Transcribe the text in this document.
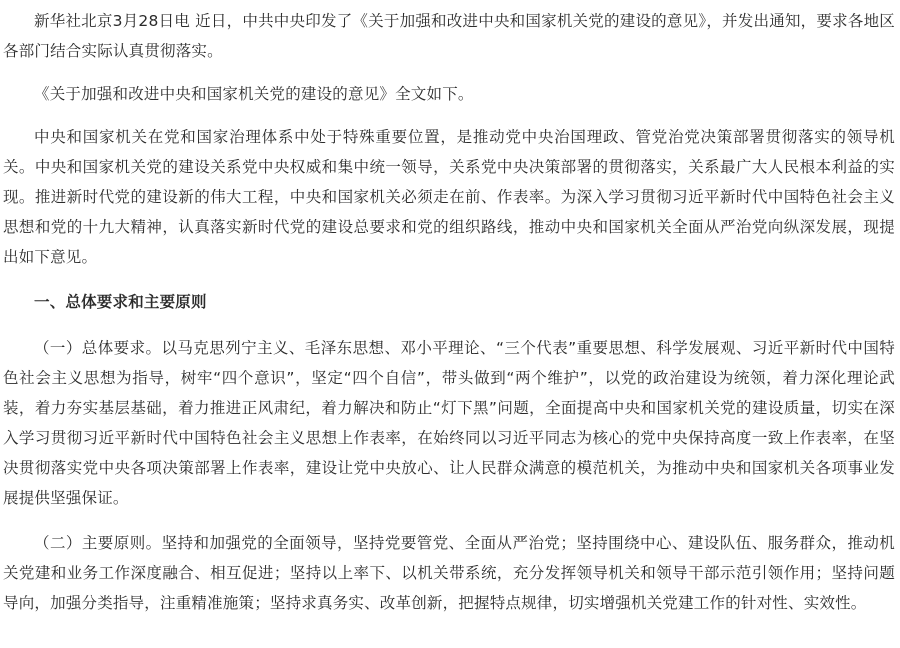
新华社北京3月28日电 近日，中共中央印发了《关于加强和改进中央和国家机关党的建设的意见》，并发出通知，要求各地区各部门结合实际认真贯彻落实。

《关于加强和改进中央和国家机关党的建设的意见》全文如下。

中央和国家机关在党和国家治理体系中处于特殊重要位置，是推动党中央治国理政、管党治党决策部署贯彻落实的领导机关。中央和国家机关党的建设关系党中央权威和集中统一领导，关系党中央决策部署的贯彻落实，关系最广大人民根本利益的实现。推进新时代党的建设新的伟大工程，中央和国家机关必须走在前、作表率。为深入学习贯彻习近平新时代中国特色社会主义思想和党的十九大精神，认真落实新时代党的建设总要求和党的组织路线，推动中央和国家机关全面从严治党向纵深发展，现提出如下意见。

一、总体要求和主要原则

（一）总体要求。以马克思列宁主义、毛泽东思想、邓小平理论、“三个代表”重要思想、科学发展观、习近平新时代中国特色社会主义思想为指导，树牢“四个意识”，坚定“四个自信”，带头做到“两个维护”，以党的政治建设为统领，着力深化理论武装，着力夯实基层基础，着力推进正风肃纪，着力解决和防止“灯下黑”问题，全面提高中央和国家机关党的建设质量，切实在深入学习贯彻习近平新时代中国特色社会主义思想上作表率，在始终同以习近平同志为核心的党中央保持高度一致上作表率，在坚决贯彻落实党中央各项决策部署上作表率，建设让党中央放心、让人民群众满意的模范机关，为推动中央和国家机关各项事业发展提供坚强保证。

（二）主要原则。坚持和加强党的全面领导，坚持党要管党、全面从严治党；坚持围绕中心、建设队伍、服务群众，推动机关党建和业务工作深度融合、相互促进；坚持以上率下、以机关带系统，充分发挥领导机关和领导干部示范引领作用；坚持问题导向，加强分类指导，注重精准施策；坚持求真务实、改革创新，把握特点规律，切实增强机关党建工作的针对性、实效性。
